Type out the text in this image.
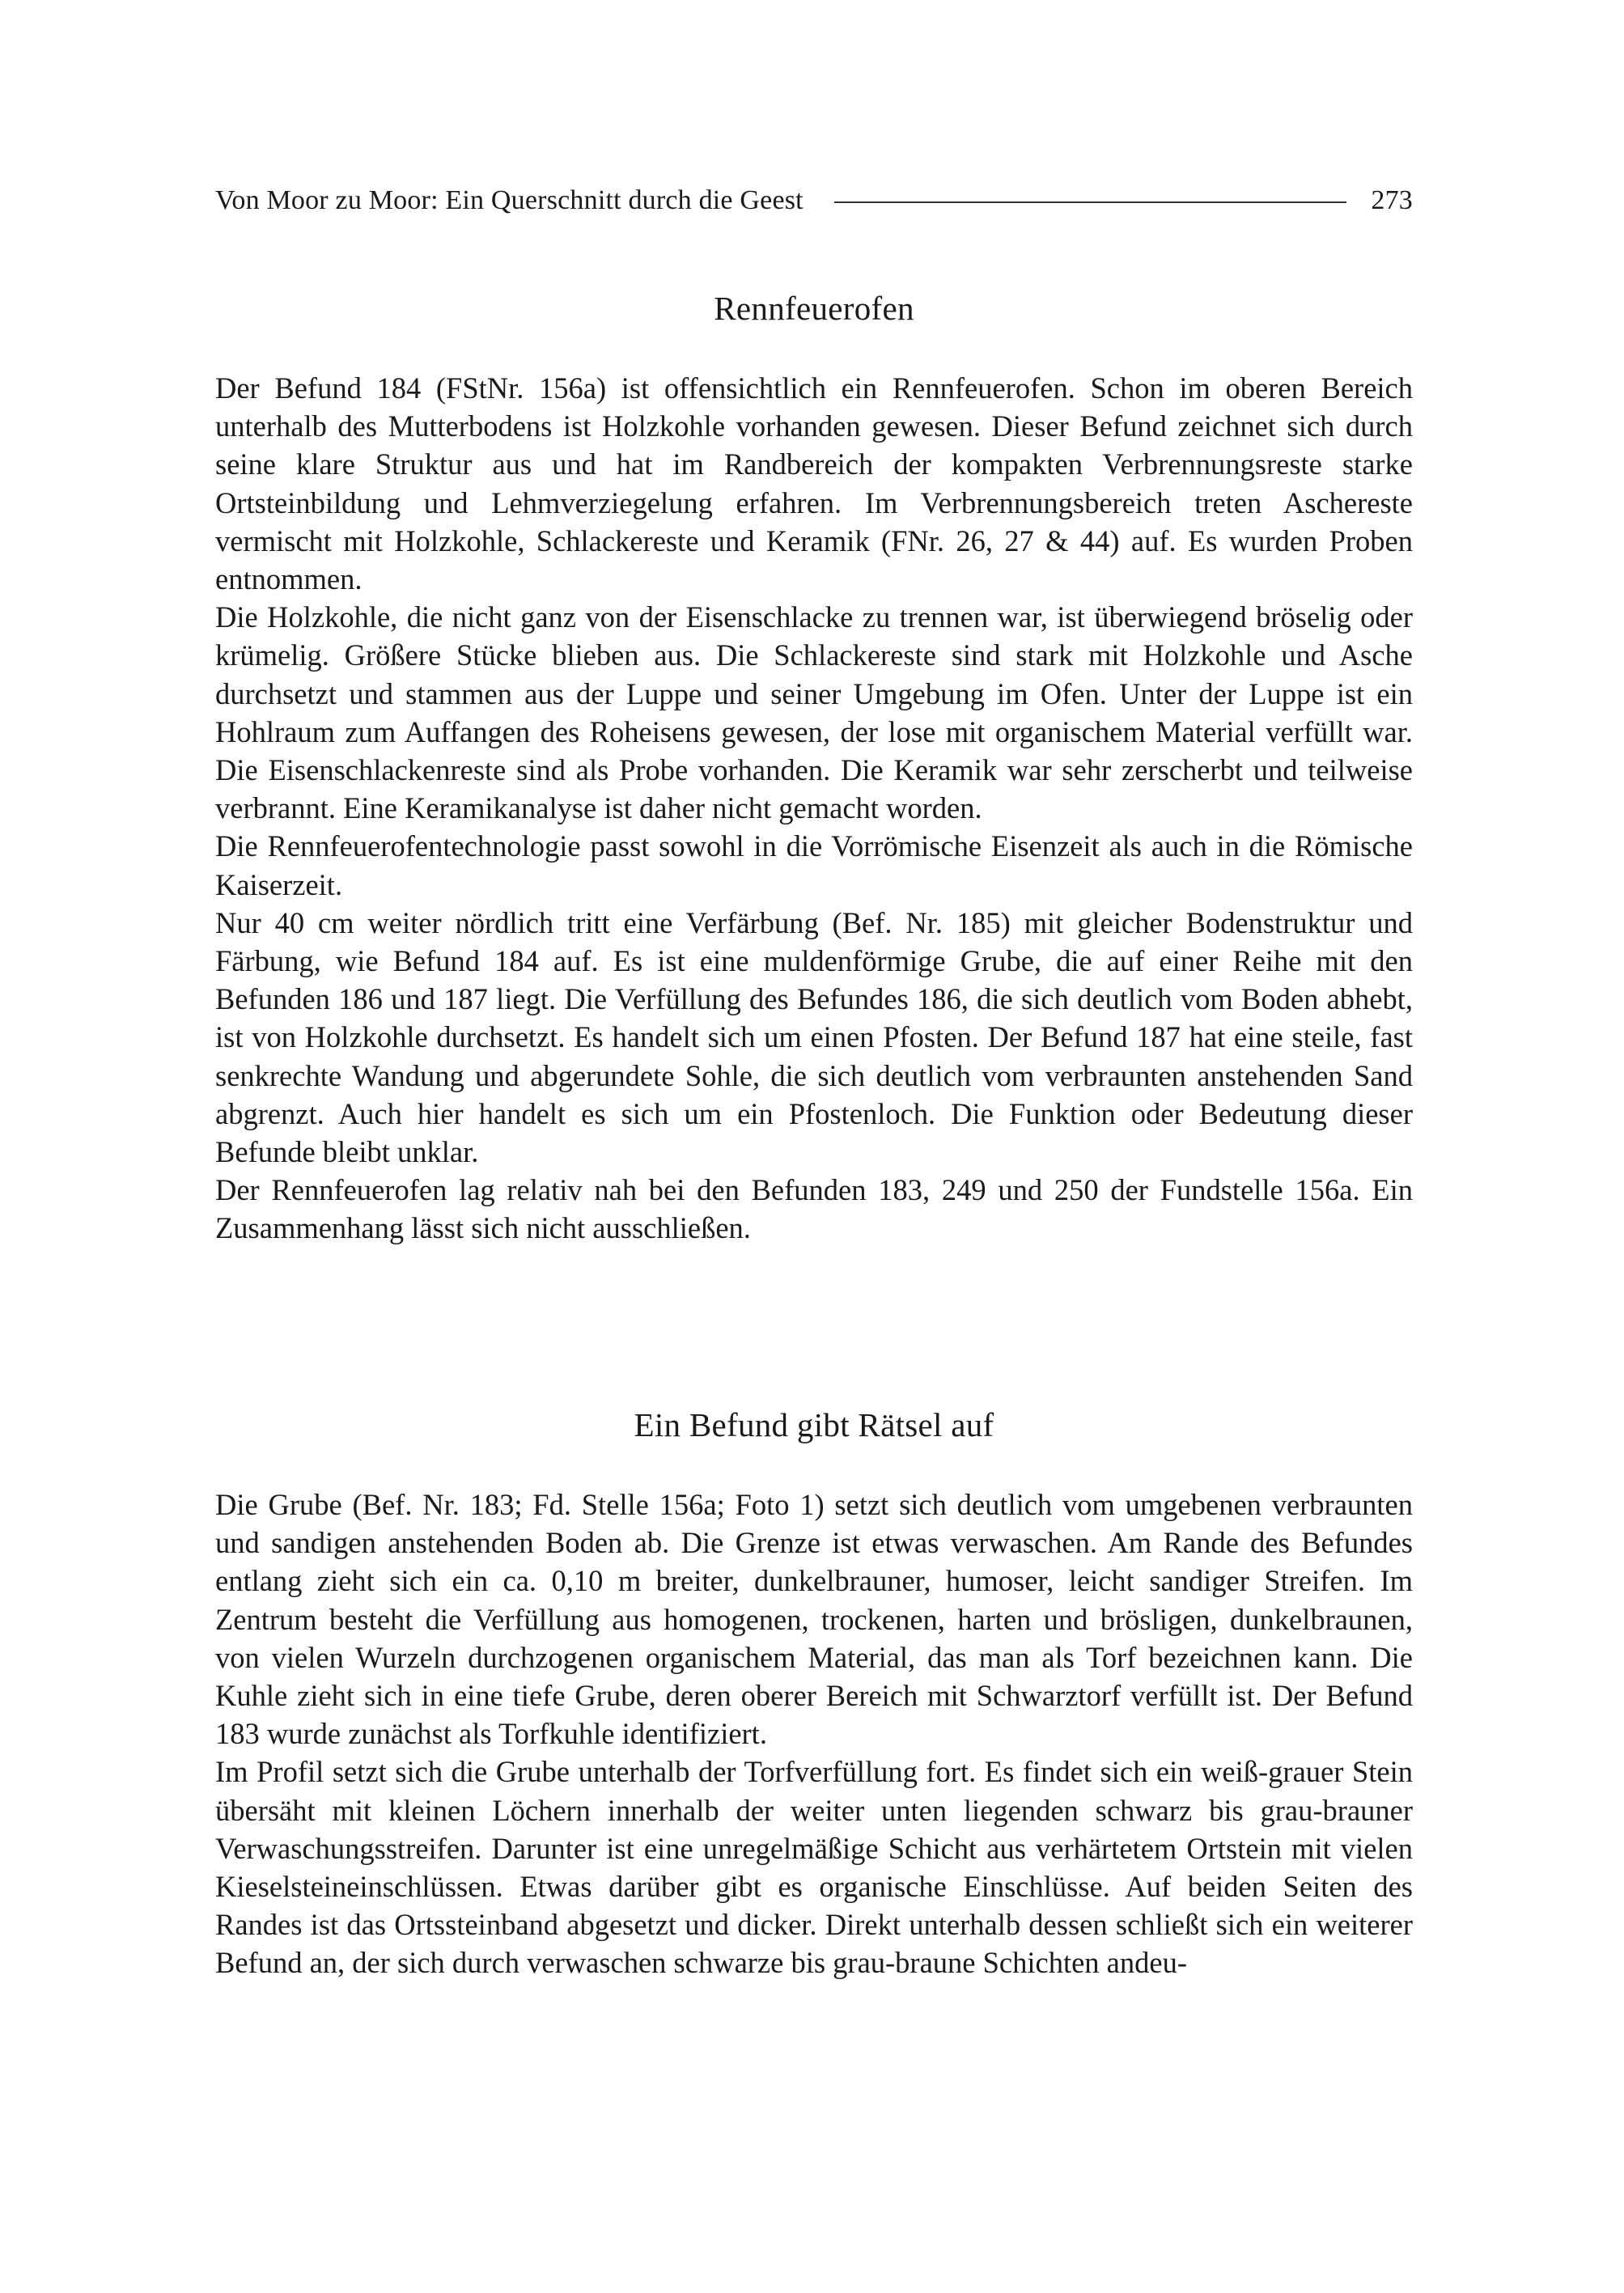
Von Moor zu Moor: Ein Querschnitt durch die Geest	273
Rennfeuerofen

Der Befund 184 (FStNr. 156a) ist offensichtlich ein Rennfeuerofen. Schon im oberen Bereich unterhalb des Mutterbodens ist Holzkohle vorhanden gewesen. Dieser Befund zeichnet sich durch seine klare Struktur aus und hat im Randbereich der kompakten Verbrennungsreste starke Ortsteinbildung und Lehmverziegelung erfahren. Im Verbrennungsbereich treten Aschereste vermischt mit Holzkohle, Schlackereste und Keramik (FNr. 26, 27 & 44) auf. Es wurden Proben entnommen.

Die Holzkohle, die nicht ganz von der Eisenschlacke zu trennen war, ist überwiegend bröselig oder krümelig. Größere Stücke blieben aus. Die Schlackereste sind stark mit Holzkohle und Asche durchsetzt und stammen aus der Luppe und seiner Umgebung im Ofen. Unter der Luppe ist ein Hohlraum zum Auffangen des Roheisens gewesen, der lose mit organischem Material verfüllt war. Die Eisenschlackenreste sind als Probe vorhanden. Die Keramik war sehr zerscherbt und teilweise verbrannt. Eine Keramikanalyse ist daher nicht gemacht worden.

Die Rennfeuerofentechnologie passt sowohl in die Vorrömische Eisenzeit als auch in die Römische Kaiserzeit.

Nur 40 cm weiter nördlich tritt eine Verfärbung (Bef. Nr. 185) mit gleicher Bodenstruktur und Färbung, wie Befund 184 auf. Es ist eine muldenförmige Grube, die auf einer Reihe mit den Befunden 186 und 187 liegt. Die Verfüllung des Befundes 186, die sich deutlich vom Boden abhebt, ist von Holzkohle durchsetzt. Es handelt sich um einen Pfosten. Der Befund 187 hat eine steile, fast senkrechte Wandung und abgerundete Sohle, die sich deutlich vom verbraunten anstehenden Sand abgrenzt. Auch hier handelt es sich um ein Pfostenloch. Die Funktion oder Bedeutung dieser Befunde bleibt unklar.

Der Rennfeuerofen lag relativ nah bei den Befunden 183, 249 und 250 der Fundstelle 156a. Ein Zusammenhang lässt sich nicht ausschließen.

Ein Befund gibt Rätsel auf

Die Grube (Bef. Nr. 183; Fd. Stelle 156a; Foto 1) setzt sich deutlich vom umgebenen verbraunten und sandigen anstehenden Boden ab. Die Grenze ist etwas verwaschen. Am Rande des Befundes entlang zieht sich ein ca. 0,10 m breiter, dunkelbrauner, humoser, leicht sandiger Streifen. Im Zentrum besteht die Verfüllung aus homogenen, trockenen, harten und brösligen, dunkelbraunen, von vielen Wurzeln durchzogenen organischem Material, das man als Torf bezeichnen kann. Die Kuhle zieht sich in eine tiefe Grube, deren oberer Bereich mit Schwarztorf verfüllt ist. Der Befund 183 wurde zunächst als Torfkuhle identifiziert.

Im Profil setzt sich die Grube unterhalb der Torfverfüllung fort. Es findet sich ein weiß-grauer Stein übersäht mit kleinen Löchern innerhalb der weiter unten liegenden schwarz bis grau-brauner Verwaschungsstreifen. Darunter ist eine unregelmäßige Schicht aus verhärtetem Ortstein mit vielen Kieselsteineinschlüssen. Etwas darüber gibt es organische Einschlüsse. Auf beiden Seiten des Randes ist das Ortssteinband abgesetzt und dicker. Direkt unterhalb dessen schließt sich ein weiterer Befund an, der sich durch verwaschen schwarze bis grau-braune Schichten andeu-
